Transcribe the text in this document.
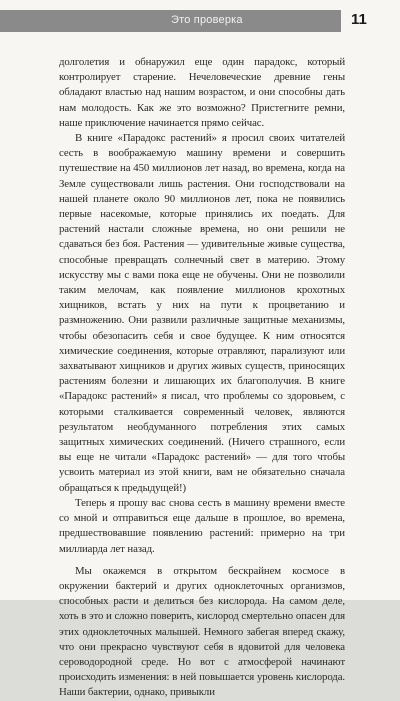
Это проверка	11

долголетия и обнаружил еще один парадокс, который контролирует старение. Нечеловеческие древние гены обладают властью над нашим возрастом, и они способны дать нам молодость. Как же это возможно? Пристегните ремни, наше приключение начинается прямо сейчас.

В книге «Парадокс растений» я просил своих читателей сесть в воображаемую машину времени и совершить путешествие на 450 миллионов лет назад, во времена, когда на Земле существовали лишь растения. Они господствовали на нашей планете около 90 миллионов лет, пока не появились первые насекомые, которые принялись их поедать. Для растений настали сложные времена, но они решили не сдаваться без боя. Растения — удивительные живые существа, способные превращать солнечный свет в материю. Этому искусству мы с вами пока еще не обучены. Они не позволили таким мелочам, как появление миллионов крохотных хищников, встать у них на пути к процветанию и размножению. Они развили различные защитные механизмы, чтобы обезопасить себя и свое будущее. К ним относятся химические соединения, которые отравляют, парализуют или захватывают хищников и других живых существ, приносящих растениям болезни и лишающих их благополучия. В книге «Парадокс растений» я писал, что проблемы со здоровьем, с которыми сталкивается современный человек, являются результатом необдуманного потребления этих самых защитных химических соединений. (Ничего страшного, если вы еще не читали «Парадокс растений» — для того чтобы усвоить материал из этой книги, вам не обязательно сначала обращаться к предыдущей!)

Теперь я прошу вас снова сесть в машину времени вместе со мной и отправиться еще дальше в прошлое, во времена, предшествовавшие появлению растений: примерно на три миллиарда лет назад.

Мы окажемся в открытом бескрайнем космосе в окружении бактерий и других одноклеточных организмов, способных расти и делиться без кислорода. На самом деле, хоть в это и сложно поверить, кислород смертельно опасен для этих одноклеточных малышей. Немного забегая вперед скажу, что они прекрасно чувствуют себя в ядовитой для человека сероводородной среде. Но вот с атмосферой начинают происходить изменения: в ней повышается уровень кислорода. Наши бактерии, однако, привыкли
